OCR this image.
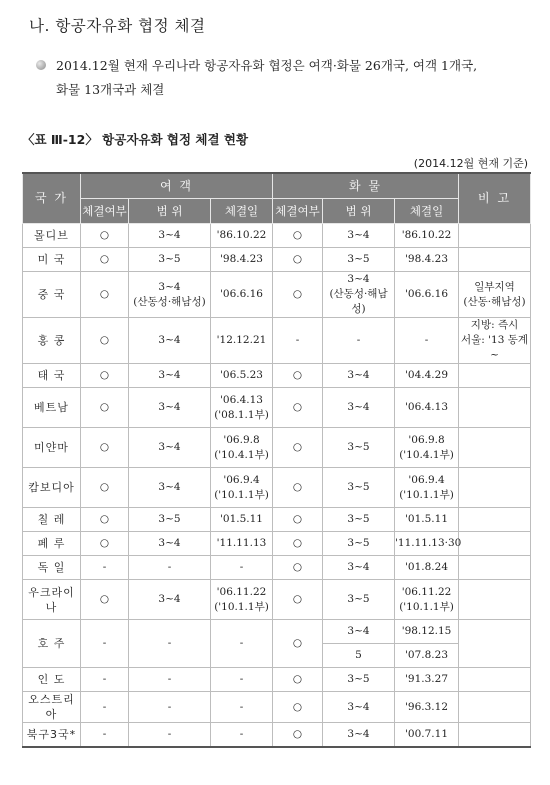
나. 항공자유화 협정 체결
2014.12월 현재 우리나라 항공자유화 협정은 여객·화물 26개국, 여객 1개국,
화물 13개국과 체결
〈표 Ⅲ-12〉 항공자유화 협정 체결 현황
(2014.12월 현재 기준)
국 가	여 객			화 물			비 고
	체결여부	범 위	체결일	체결여부	범 위	체결일	

몰디브	○	3~4	'86.10.22	○	3~4	'86.10.22	

미 국	○	3~5	'98.4.23	○	3~5	'98.4.23	

중 국	○	3~4
(산동성·해남성)	'06.6.16	○	3~4
(산동성·해남성)	'06.6.16	일부지역
(산동·해남성)

홍 콩	○	3~4	'12.12.21	-	-	-	지방: 즉시
서울: '13 동계~

태 국	○	3~4	'06.5.23	○	3~4	'04.4.29	

베트남	○	3~4	'06.4.13
('08.1.1부)	○	3~4	'06.4.13	

미얀마	○	3~4	'06.9.8
('10.4.1부)	○	3~5	'06.9.8
('10.4.1부)	

캄보디아	○	3~4	'06.9.4
('10.1.1부)	○	3~5	'06.9.4
('10.1.1부)	

칠 레	○	3~5	'01.5.11	○	3~5	'01.5.11	

페 루	○	3~4	'11.11.13	○	3~5	'11.11.13·30	

독 일	-	-	-	○	3~4	'01.8.24	

우크라이나	○	3~4	'06.11.22
('10.1.1부)	○	3~5	'06.11.22
('10.1.1부)	

호 주	-	-	-	○	3~4	'98.12.15	

					5	'07.8.23	

인 도	-	-	-	○	3~5	'91.3.27	

오스트리아	-	-	-	○	3~4	'96.3.12	

북구3국*	-	-	-	○	3~4	'00.7.11	
